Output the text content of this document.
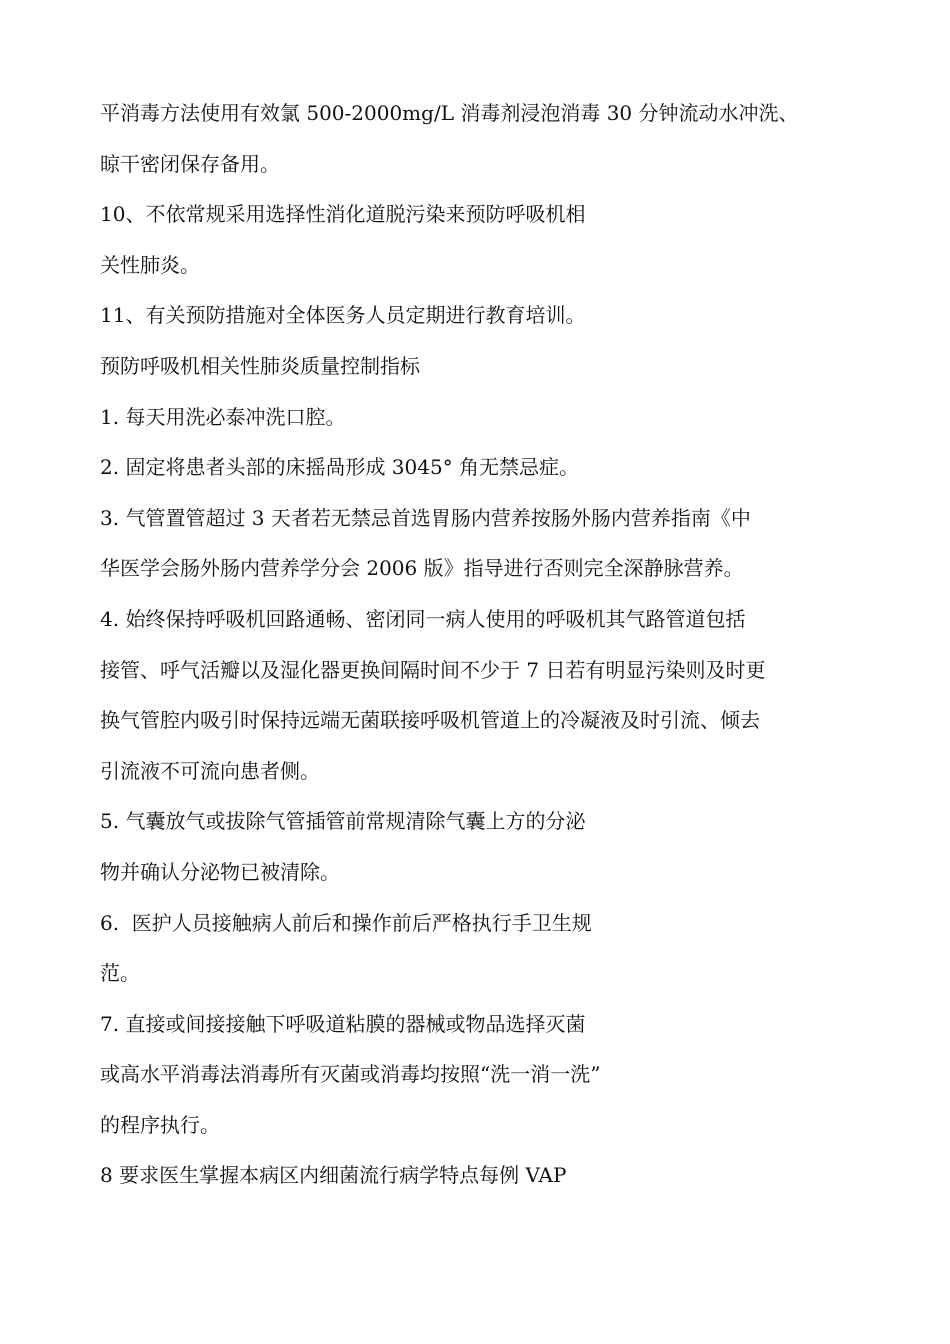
平消毒方法使用有效氯 500-2000mg/L 消毒剂浸泡消毒 30 分钟流动水冲洗、

晾干密闭保存备用。

10、不依常规采用选择性消化道脱污染来预防呼吸机相

关性肺炎。

11、有关预防措施对全体医务人员定期进行教育培训。

预防呼吸机相关性肺炎质量控制指标

1. 每天用洗必泰冲洗口腔。

2. 固定将患者头部的床摇咼形成 3045° 角无禁忌症。

3. 气管置管超过 3 天者若无禁忌首选胃肠内营养按肠外肠内营养指南《中

华医学会肠外肠内营养学分会 2006 版》指导进行否则完全深静脉营养。

4. 始终保持呼吸机回路通畅、密闭同一病人使用的呼吸机其气路管道包括

接管、呼气活瓣以及湿化器更换间隔时间不少于 7 日若有明显污染则及时更

换气管腔内吸引时保持远端无菌联接呼吸机管道上的冷凝液及时引流、倾去

引流液不可流向患者侧。

5. 气囊放气或拔除气管插管前常规清除气囊上方的分泌

物并确认分泌物已被清除。

6.  医护人员接触病人前后和操作前后严格执行手卫生规

范。

7. 直接或间接接触下呼吸道粘膜的器械或物品选择灭菌

或高水平消毒法消毒所有灭菌或消毒均按照“洗一消一洗”

的程序执行。

8 要求医生掌握本病区内细菌流行病学特点每例 VAP
